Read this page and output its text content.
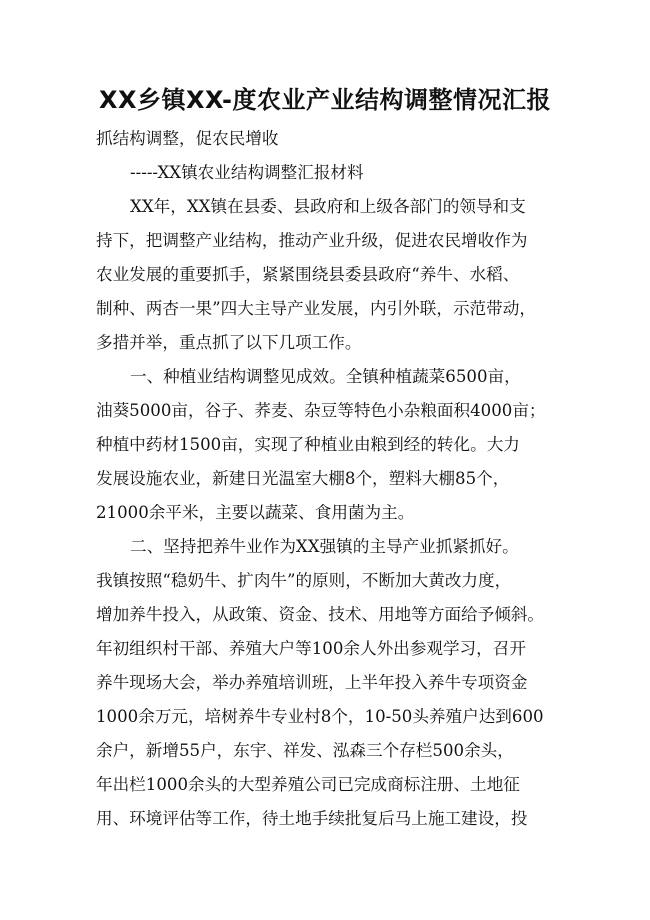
XX乡镇XX-度农业产业结构调整情况汇报
抓结构调整，促农民增收
-----XX镇农业结构调整汇报材料
XX年，XX镇在县委、县政府和上级各部门的领导和支
持下，把调整产业结构，推动产业升级，促进农民增收作为
农业发展的重要抓手，紧紧围绕县委县政府“养牛、水稻、
制种、两杏一果”四大主导产业发展，内引外联，示范带动，
多措并举，重点抓了以下几项工作。
一、种植业结构调整见成效。全镇种植蔬菜6500亩，
油葵5000亩，谷子、荞麦、杂豆等特色小杂粮面积4000亩；
种植中药材1500亩，实现了种植业由粮到经的转化。大力
发展设施农业，新建日光温室大棚8个，塑料大棚85个，
21000余平米，主要以蔬菜、食用菌为主。
二、坚持把养牛业作为XX强镇的主导产业抓紧抓好。
我镇按照“稳奶牛、扩肉牛”的原则，不断加大黄改力度，
增加养牛投入，从政策、资金、技术、用地等方面给予倾斜。
年初组织村干部、养殖大户等100余人外出参观学习，召开
养牛现场大会，举办养殖培训班，上半年投入养牛专项资金
1000余万元，培树养牛专业村8个，10-50头养殖户达到600
余户，新增55户，东宇、祥发、泓森三个存栏500余头，
年出栏1000余头的大型养殖公司已完成商标注册、土地征
用、环境评估等工作，待土地手续批复后马上施工建设，投
